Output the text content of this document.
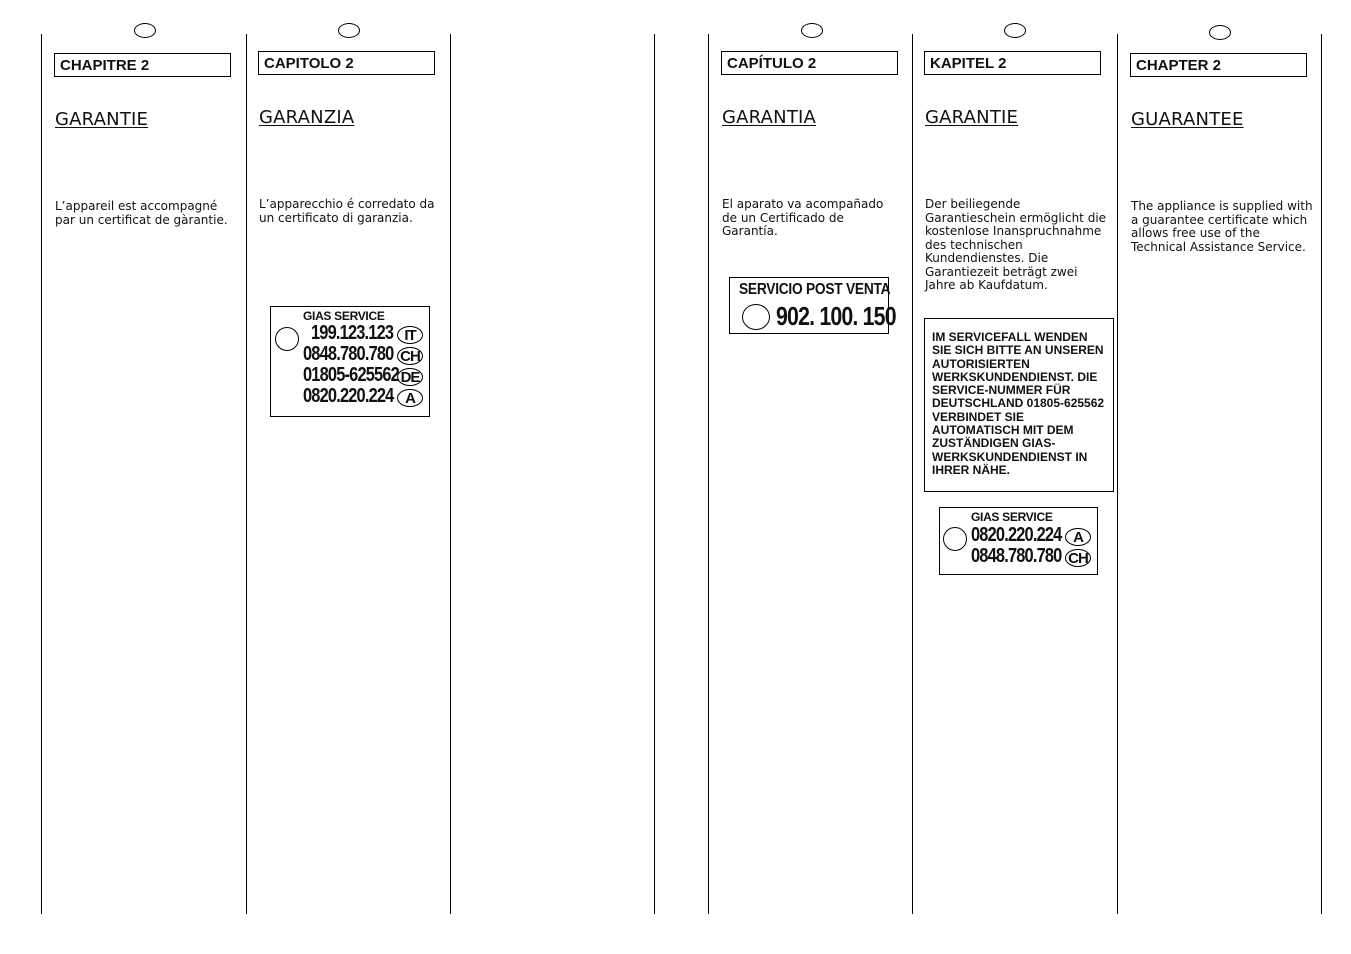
CHAPITRE 2
GARANTIE
L’appareil est accompagné par un certificat de gàrantie.
CAPITOLO 2
GARANZIA
L’apparecchio é corredato da un certificato di garanzia.
GIAS SERVICE
199.123.123 IT
0848.780.780 CH
01805-625562 DE
0820.220.224 A
CAPÍTULO 2
GARANTIA
El aparato va acompañado de un Certificado de Garantía.
SERVICIO POST VENTA
902. 100. 150
KAPITEL 2
GARANTIE
Der beiliegende Garantieschein ermöglicht die kostenlose Inanspruchnahme des technischen Kundendienstes. Die Garantiezeit beträgt zwei Jahre ab Kaufdatum.
IM SERVICEFALL WENDEN SIE SICH BITTE AN UNSEREN AUTORISIERTEN WERKSKUNDENDIENST. DIE SERVICE-NUMMER FÜR DEUTSCHLAND 01805-625562 VERBINDET SIE AUTOMATISCH MIT DEM ZUSTÄNDIGEN GIAS-WERKSKUNDENDIENST IN IHRER NÄHE.
GIAS SERVICE
0820.220.224 A
0848.780.780 CH
CHAPTER 2
GUARANTEE
The appliance is supplied with a guarantee certificate which allows free use of the Technical Assistance Service.
